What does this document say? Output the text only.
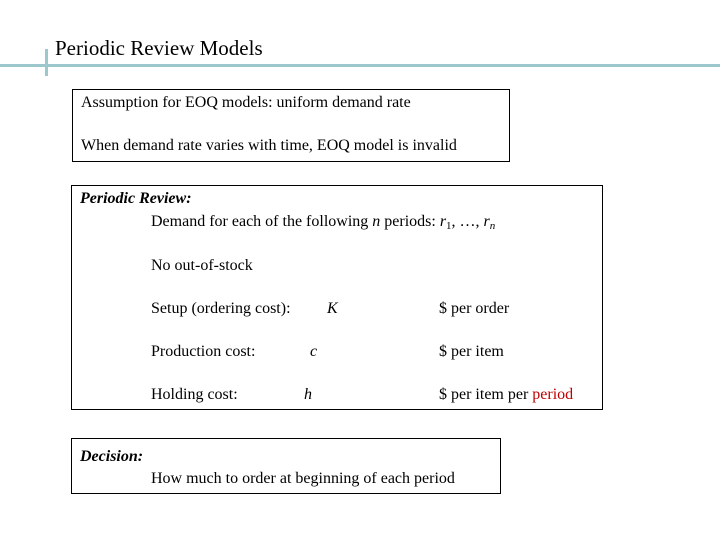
Periodic Review Models
Assumption for EOQ models: uniform demand rate
When demand rate varies with time, EOQ model is invalid
Periodic Review:
Demand for each of the following n periods: r1, …, rn
No out-of-stock
Setup (ordering cost): K	$ per order
Production cost:	c	$ per item
Holding cost:	h	$ per item per period
Decision:
How much to order at beginning of each period
